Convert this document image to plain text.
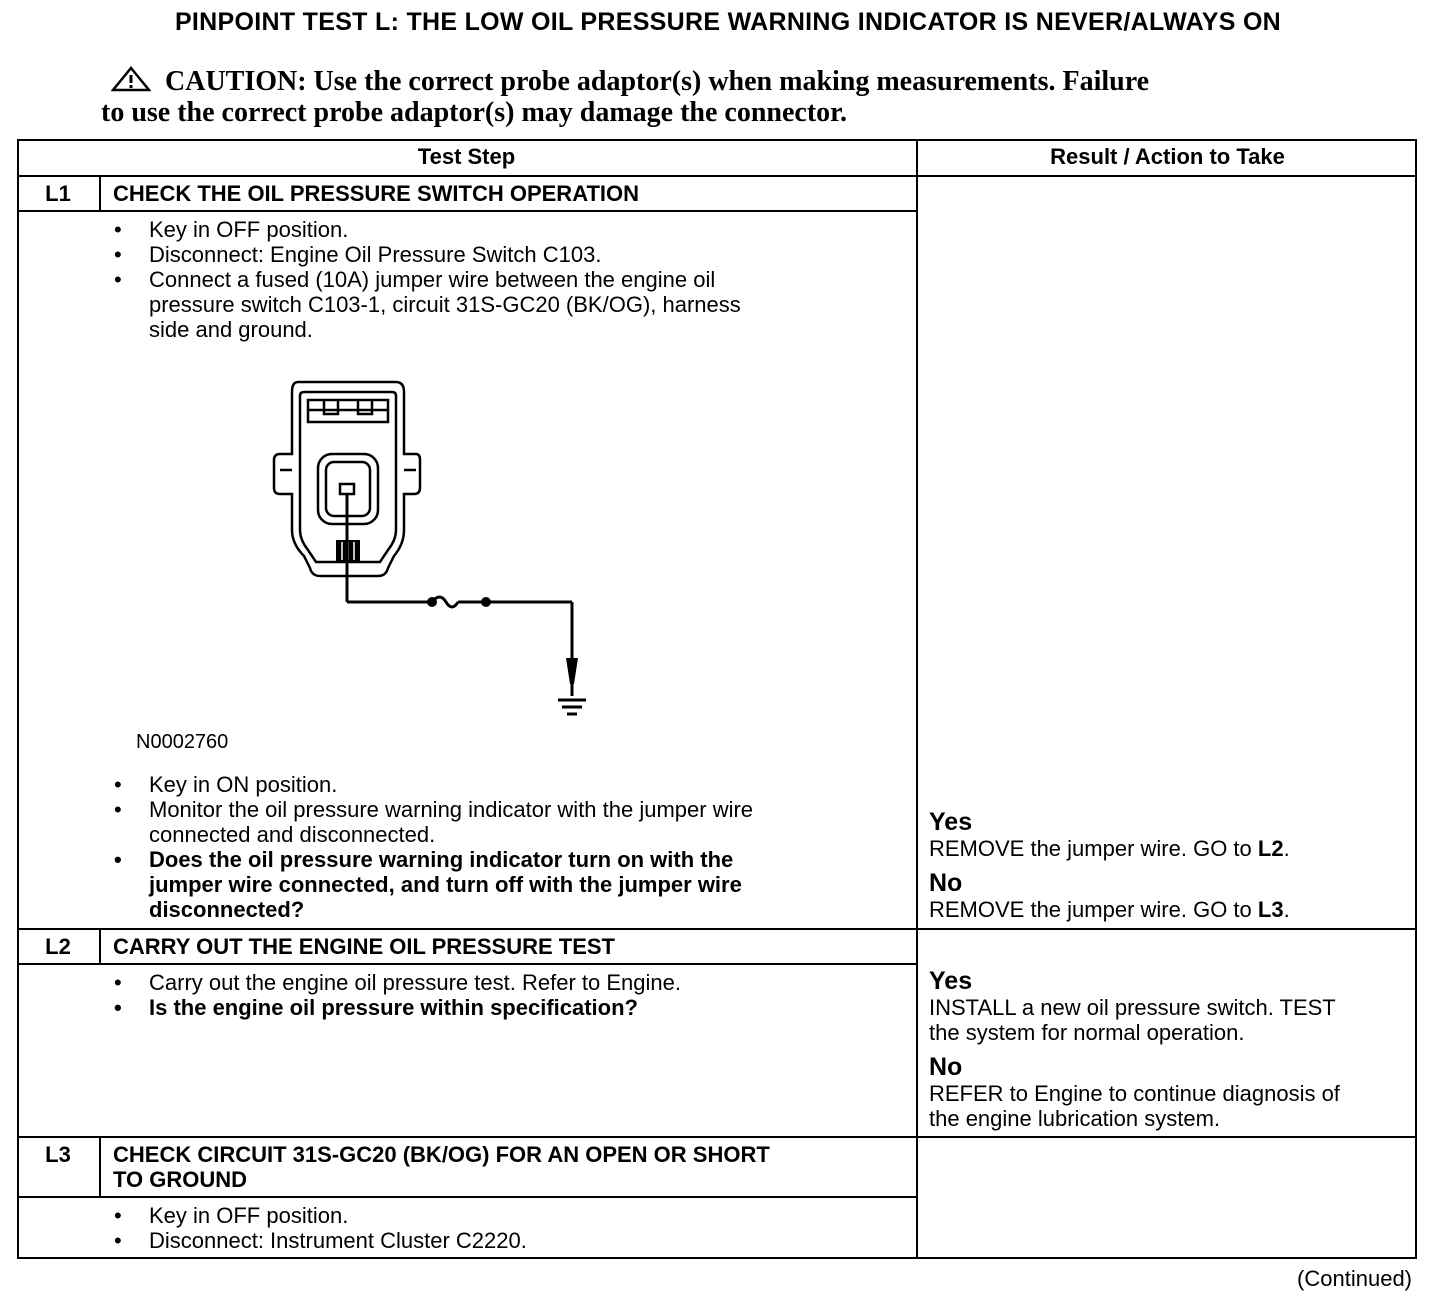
PINPOINT TEST L: THE LOW OIL PRESSURE WARNING INDICATOR IS NEVER/ALWAYS ON
CAUTION: Use the correct probe adaptor(s) when making measurements. Failure
to use the correct probe adaptor(s) may damage the connector.
Test Step	Result / Action to Take
L1	CHECK THE OIL PRESSURE SWITCH OPERATION
• Key in OFF position.
• Disconnect: Engine Oil Pressure Switch C103.
• Connect a fused (10A) jumper wire between the engine oil
pressure switch C103-1, circuit 31S-GC20 (BK/OG), harness
side and ground.
N0002760
• Key in ON position.
• Monitor the oil pressure warning indicator with the jumper wire
connected and disconnected.
• Does the oil pressure warning indicator turn on with the
jumper wire connected, and turn off with the jumper wire
disconnected?
Yes
REMOVE the jumper wire. GO to L2.
No
REMOVE the jumper wire. GO to L3.
L2	CARRY OUT THE ENGINE OIL PRESSURE TEST
• Carry out the engine oil pressure test. Refer to Engine.
• Is the engine oil pressure within specification?
Yes
INSTALL a new oil pressure switch. TEST
the system for normal operation.
No
REFER to Engine to continue diagnosis of
the engine lubrication system.
L3	CHECK CIRCUIT 31S-GC20 (BK/OG) FOR AN OPEN OR SHORT
TO GROUND
• Key in OFF position.
• Disconnect: Instrument Cluster C2220.
(Continued)
